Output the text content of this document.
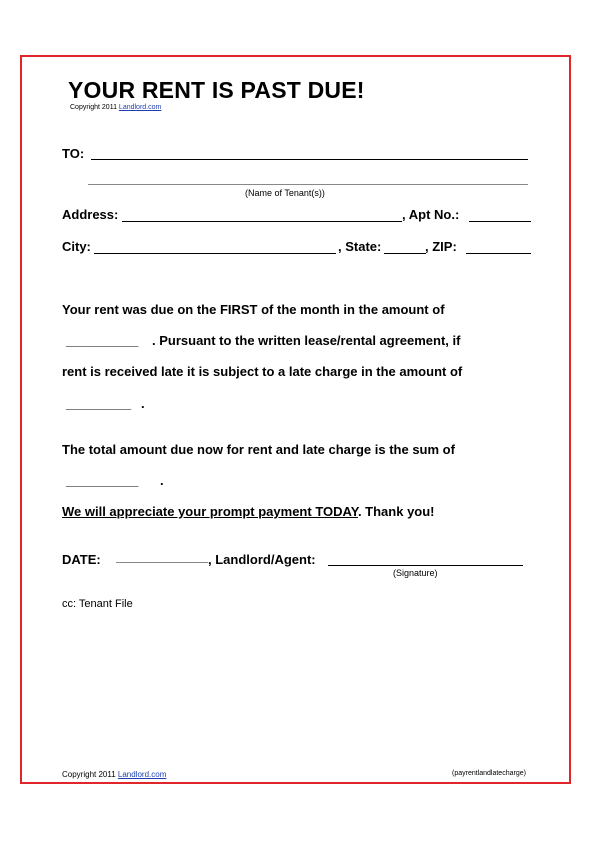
YOUR RENT IS PAST DUE!
Copyright 2011 Landlord.com
TO:
(Name of Tenant(s))
Address:	, Apt No.:
City:	, State:	, ZIP:
Your rent was due on the FIRST of the month in the amount of
__________ . Pursuant to the written lease/rental agreement, if
rent is received late it is subject to a late charge in the amount of
_________ .
The total amount due now for rent and late charge is the sum of
__________ .
We will appreciate your prompt payment TODAY. Thank you!
DATE:	, Landlord/Agent:
(Signature)
cc: Tenant File
Copyright 2011 Landlord.com	(payrentlandlatecharge)
